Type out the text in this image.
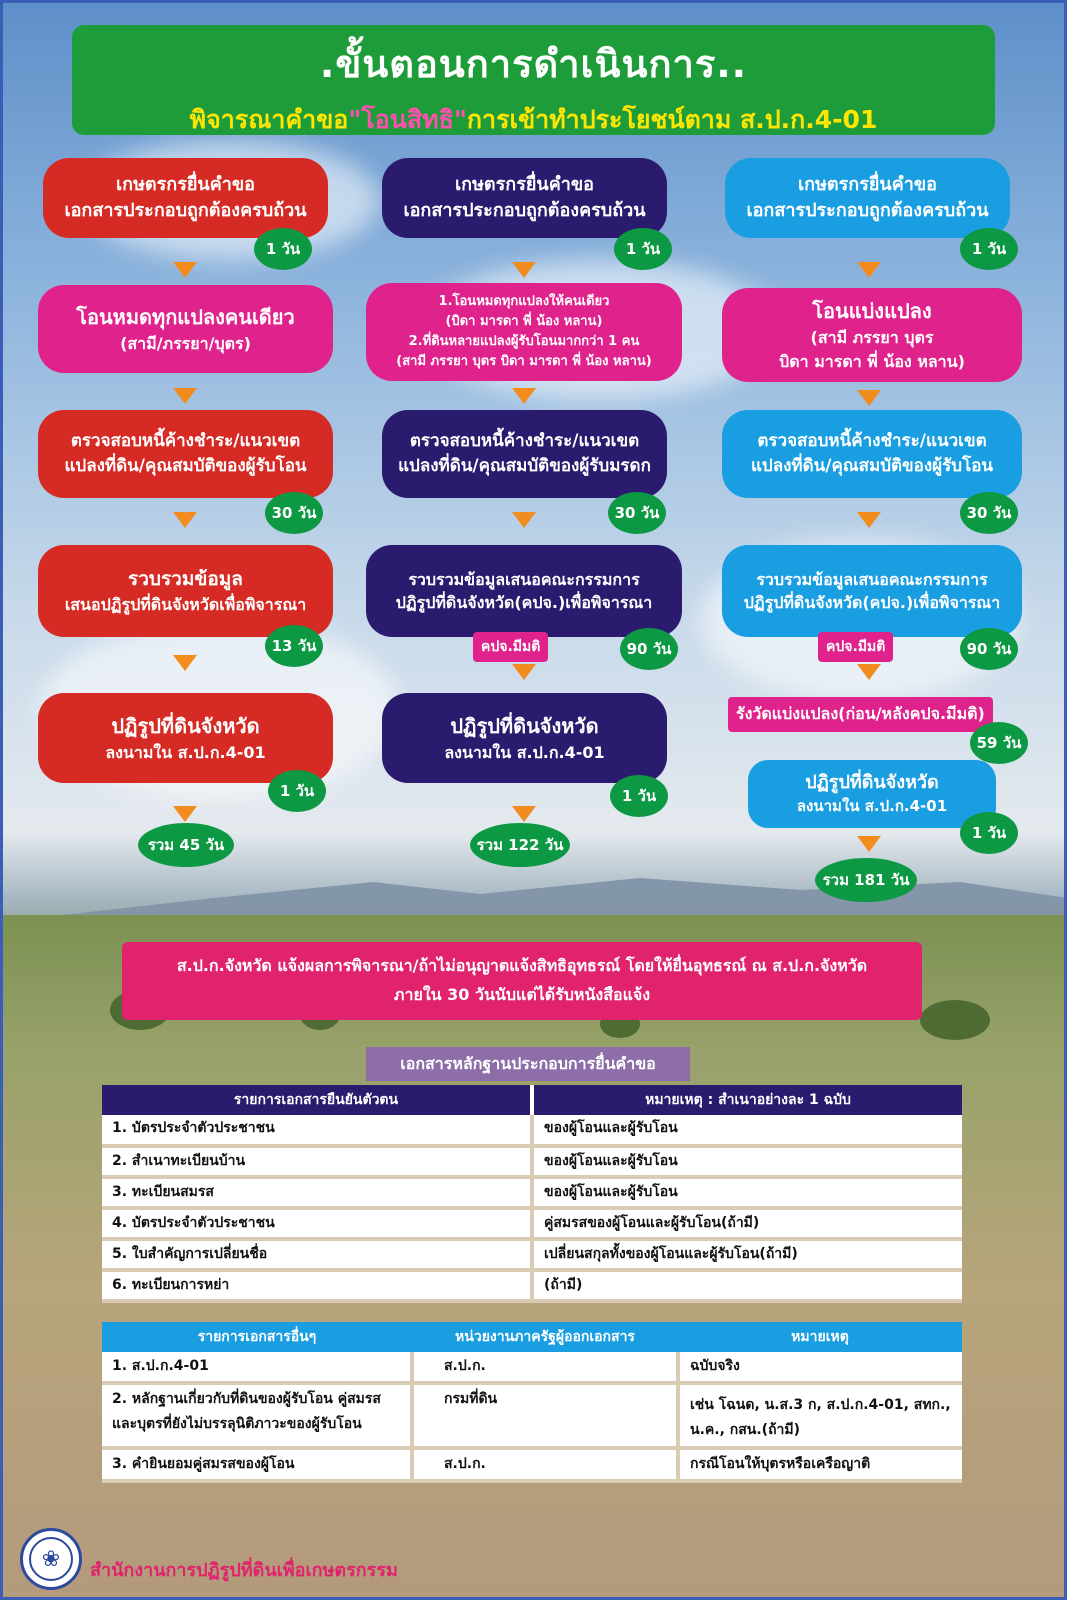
.ขั้นตอนการดำเนินการ..
พิจารณาคำขอ"โอนสิทธิ"การเข้าทำประโยชน์ตาม ส.ป.ก.4-01
เกษตรกรยื่นคำขอ
เอกสารประกอบถูกต้องครบถ้วน
1 วัน
โอนหมดทุกแปลงคนเดียว
(สามี/ภรรยา/บุตร)
ตรวจสอบหนี้ค้างชำระ/แนวเขต
แปลงที่ดิน/คุณสมบัติของผู้รับโอน
30 วัน
รวบรวมข้อมูล
เสนอปฏิรูปที่ดินจังหวัดเพื่อพิจารณา
13 วัน
ปฏิรูปที่ดินจังหวัด
ลงนามใน ส.ป.ก.4-01
1 วัน
รวม 45 วัน
เกษตรกรยื่นคำขอ
เอกสารประกอบถูกต้องครบถ้วน
1 วัน
1.โอนหมดทุกแปลงให้คนเดียว
(บิดา มารดา พี่ น้อง หลาน)
2.ที่ดินหลายแปลงผู้รับโอนมากกว่า 1 คน
(สามี ภรรยา บุตร บิดา มารดา พี่ น้อง หลาน)
ตรวจสอบหนี้ค้างชำระ/แนวเขต
แปลงที่ดิน/คุณสมบัติของผู้รับมรดก
30 วัน
รวบรวมข้อมูลเสนอคณะกรรมการ
ปฏิรูปที่ดินจังหวัด(คปจ.)เพื่อพิจารณา
คปจ.มีมติ	90 วัน
ปฏิรูปที่ดินจังหวัด
ลงนามใน ส.ป.ก.4-01
1 วัน
รวม 122 วัน
เกษตรกรยื่นคำขอ
เอกสารประกอบถูกต้องครบถ้วน
1 วัน
โอนแบ่งแปลง
(สามี ภรรยา บุตร
บิดา มารดา พี่ น้อง หลาน)
ตรวจสอบหนี้ค้างชำระ/แนวเขต
แปลงที่ดิน/คุณสมบัติของผู้รับโอน
30 วัน
รวบรวมข้อมูลเสนอคณะกรรมการ
ปฏิรูปที่ดินจังหวัด(คปจ.)เพื่อพิจารณา
คปจ.มีมติ	90 วัน
รังวัดแบ่งแปลง(ก่อน/หลังคปจ.มีมติ)
59 วัน
ปฏิรูปที่ดินจังหวัด
ลงนามใน ส.ป.ก.4-01
1 วัน
รวม 181 วัน
ส.ป.ก.จังหวัด แจ้งผลการพิจารณา/ถ้าไม่อนุญาตแจ้งสิทธิอุทธรณ์ โดยให้ยื่นอุทธรณ์ ณ ส.ป.ก.จังหวัด
ภายใน 30 วันนับแต่ได้รับหนังสือแจ้ง
เอกสารหลักฐานประกอบการยื่นคำขอ
รายการเอกสารยืนยันตัวตน	หมายเหตุ : สำเนาอย่างละ 1 ฉบับ
1. บัตรประจำตัวประชาชน	ของผู้โอนและผู้รับโอน
2. สำเนาทะเบียนบ้าน	ของผู้โอนและผู้รับโอน
3. ทะเบียนสมรส	ของผู้โอนและผู้รับโอน
4. บัตรประจำตัวประชาชน	คู่สมรสของผู้โอนและผู้รับโอน(ถ้ามี)
5. ใบสำคัญการเปลี่ยนชื่อ	เปลี่ยนสกุลทั้งของผู้โอนและผู้รับโอน(ถ้ามี)
6. ทะเบียนการหย่า	(ถ้ามี)
รายการเอกสารอื่นๆ	หน่วยงานภาครัฐผู้ออกเอกสาร	หมายเหตุ
1. ส.ป.ก.4-01	ส.ป.ก.	ฉบับจริง
2. หลักฐานเกี่ยวกับที่ดินของผู้รับโอน คู่สมรสและบุตรที่ยังไม่บรรลุนิติภาวะของผู้รับโอน	กรมที่ดิน	เช่น โฉนด, น.ส.3 ก, ส.ป.ก.4-01, สทก., น.ค., กสน.(ถ้ามี)
3. คำยินยอมคู่สมรสของผู้โอน	ส.ป.ก.	กรณีโอนให้บุตรหรือเครือญาติ
❀	สำนักงานการปฏิรูปที่ดินเพื่อเกษตรกรรม
